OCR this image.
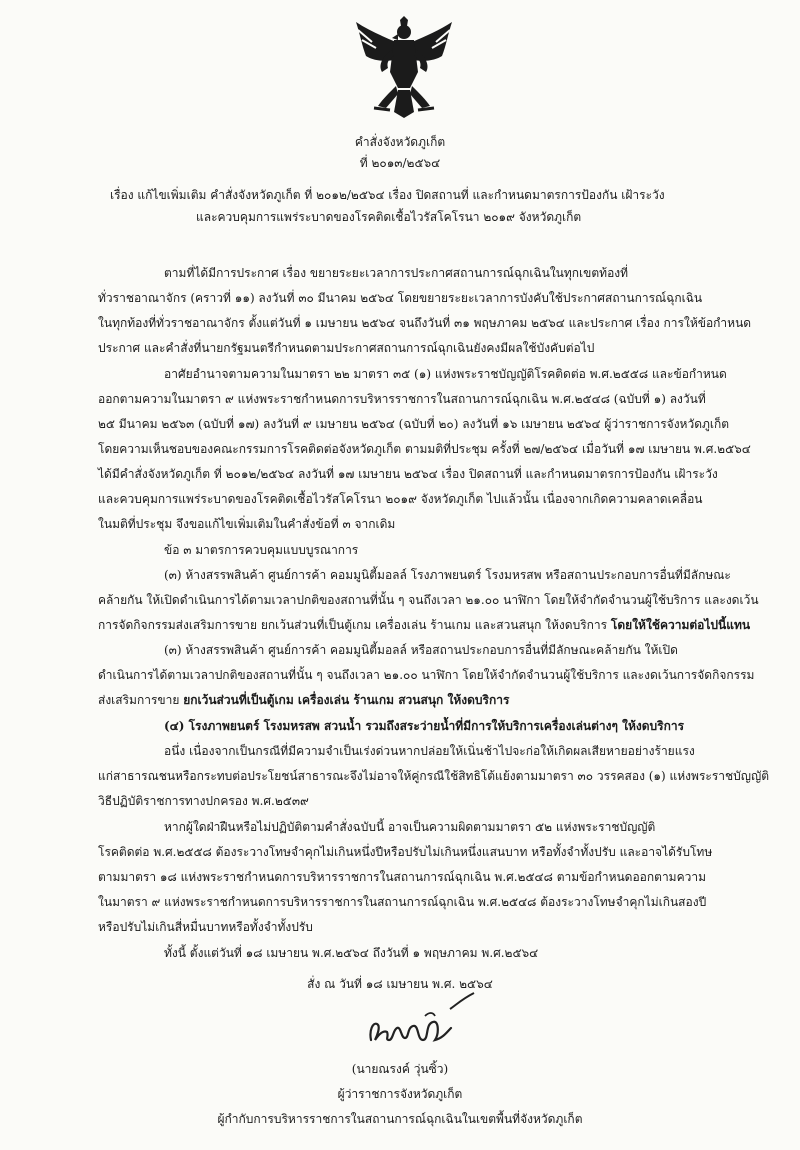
คำสั่งจังหวัดภูเก็ต
ที่ ๒๐๑๓/๒๕๖๔
เรื่อง แก้ไขเพิ่มเติม คำสั่งจังหวัดภูเก็ต ที่ ๒๐๑๒/๒๕๖๔ เรื่อง ปิดสถานที่ และกำหนดมาตรการป้องกัน เฝ้าระวัง
และควบคุมการแพร่ระบาดของโรคติดเชื้อไวรัสโคโรนา ๒๐๑๙ จังหวัดภูเก็ต
ตามที่ได้มีการประกาศ เรื่อง ขยายระยะเวลาการประกาศสถานการณ์ฉุกเฉินในทุกเขตท้องที่
ทั่วราชอาณาจักร (คราวที่ ๑๑) ลงวันที่ ๓๐ มีนาคม ๒๕๖๔ โดยขยายระยะเวลาการบังคับใช้ประกาศสถานการณ์ฉุกเฉิน
ในทุกท้องที่ทั่วราชอาณาจักร ตั้งแต่วันที่ ๑ เมษายน ๒๕๖๔ จนถึงวันที่ ๓๑ พฤษภาคม ๒๕๖๔ และประกาศ เรื่อง การให้ข้อกำหนด
ประกาศ และคำสั่งที่นายกรัฐมนตรีกำหนดตามประกาศสถานการณ์ฉุกเฉินยังคงมีผลใช้บังคับต่อไป
อาศัยอำนาจตามความในมาตรา ๒๒ มาตรา ๓๕ (๑) แห่งพระราชบัญญัติโรคติดต่อ พ.ศ.๒๕๕๘ และข้อกำหนด
ออกตามความในมาตรา ๙ แห่งพระราชกำหนดการบริหารราชการในสถานการณ์ฉุกเฉิน พ.ศ.๒๕๔๘ (ฉบับที่ ๑) ลงวันที่
๒๕ มีนาคม ๒๕๖๓ (ฉบับที่ ๑๗) ลงวันที่ ๙ เมษายน ๒๕๖๔ (ฉบับที่ ๒๐) ลงวันที่ ๑๖ เมษายน ๒๕๖๔ ผู้ว่าราชการจังหวัดภูเก็ต
โดยความเห็นชอบของคณะกรรมการโรคติดต่อจังหวัดภูเก็ต ตามมติที่ประชุม ครั้งที่ ๒๗/๒๕๖๔ เมื่อวันที่ ๑๗ เมษายน พ.ศ.๒๕๖๔
ได้มีคำสั่งจังหวัดภูเก็ต ที่ ๒๐๑๒/๒๕๖๔ ลงวันที่ ๑๗ เมษายน ๒๕๖๔ เรื่อง ปิดสถานที่ และกำหนดมาตรการป้องกัน เฝ้าระวัง
และควบคุมการแพร่ระบาดของโรคติดเชื้อไวรัสโคโรนา ๒๐๑๙ จังหวัดภูเก็ต ไปแล้วนั้น เนื่องจากเกิดความคลาดเคลื่อน
ในมติที่ประชุม จึงขอแก้ไขเพิ่มเติมในคำสั่งข้อที่ ๓ จากเดิม
ข้อ ๓ มาตรการควบคุมแบบบูรณาการ
(๓) ห้างสรรพสินค้า ศูนย์การค้า คอมมูนิตี้มอลล์ โรงภาพยนตร์ โรงมหรสพ หรือสถานประกอบการอื่นที่มีลักษณะ
คล้ายกัน ให้เปิดดำเนินการได้ตามเวลาปกติของสถานที่นั้น ๆ จนถึงเวลา ๒๑.๐๐ นาฬิกา โดยให้จำกัดจำนวนผู้ใช้บริการ และงดเว้น
การจัดกิจกรรมส่งเสริมการขาย ยกเว้นส่วนที่เป็นตู้เกม เครื่องเล่น ร้านเกม และสวนสนุก ให้งดบริการ โดยให้ใช้ความต่อไปนี้แทน
(๓) ห้างสรรพสินค้า ศูนย์การค้า คอมมูนิตี้มอลล์ หรือสถานประกอบการอื่นที่มีลักษณะคล้ายกัน ให้เปิด
ดำเนินการได้ตามเวลาปกติของสถานที่นั้น ๆ จนถึงเวลา ๒๑.๐๐ นาฬิกา โดยให้จำกัดจำนวนผู้ใช้บริการ และงดเว้นการจัดกิจกรรม
ส่งเสริมการขาย ยกเว้นส่วนที่เป็นตู้เกม เครื่องเล่น ร้านเกม สวนสนุก ให้งดบริการ
(๔) โรงภาพยนตร์ โรงมหรสพ สวนน้ำ รวมถึงสระว่ายน้ำที่มีการให้บริการเครื่องเล่นต่างๆ ให้งดบริการ
อนึ่ง เนื่องจากเป็นกรณีที่มีความจำเป็นเร่งด่วนหากปล่อยให้เนิ่นช้าไปจะก่อให้เกิดผลเสียหายอย่างร้ายแรง
แก่สาธารณชนหรือกระทบต่อประโยชน์สาธารณะจึงไม่อาจให้คู่กรณีใช้สิทธิโต้แย้งตามมาตรา ๓๐ วรรคสอง (๑) แห่งพระราชบัญญัติ
วิธีปฏิบัติราชการทางปกครอง พ.ศ.๒๕๓๙
หากผู้ใดฝ่าฝืนหรือไม่ปฏิบัติตามคำสั่งฉบับนี้ อาจเป็นความผิดตามมาตรา ๕๒ แห่งพระราชบัญญัติ
โรคติดต่อ พ.ศ.๒๕๕๘ ต้องระวางโทษจำคุกไม่เกินหนึ่งปีหรือปรับไม่เกินหนึ่งแสนบาท หรือทั้งจำทั้งปรับ และอาจได้รับโทษ
ตามมาตรา ๑๘ แห่งพระราชกำหนดการบริหารราชการในสถานการณ์ฉุกเฉิน พ.ศ.๒๕๔๘ ตามข้อกำหนดออกตามความ
ในมาตรา ๙ แห่งพระราชกำหนดการบริหารราชการในสถานการณ์ฉุกเฉิน พ.ศ.๒๕๔๘ ต้องระวางโทษจำคุกไม่เกินสองปี
หรือปรับไม่เกินสี่หมื่นบาทหรือทั้งจำทั้งปรับ
ทั้งนี้ ตั้งแต่วันที่ ๑๘ เมษายน พ.ศ.๒๕๖๔ ถึงวันที่ ๑ พฤษภาคม พ.ศ.๒๕๖๔
สั่ง ณ วันที่ ๑๘ เมษายน พ.ศ. ๒๕๖๔
(นายณรงค์ วุ่นซิ้ว)
ผู้ว่าราชการจังหวัดภูเก็ต
ผู้กำกับการบริหารราชการในสถานการณ์ฉุกเฉินในเขตพื้นที่จังหวัดภูเก็ต
